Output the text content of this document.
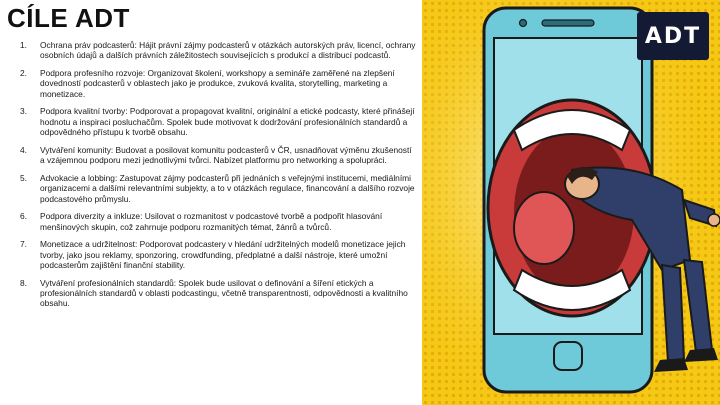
CÍLE ADT
1. Ochrana práv podcasterů: Hájit právní zájmy podcasterů v otázkách autorských práv, licencí, ochrany osobních údajů a dalších právních záležitostech souvisejících s produkcí a distribucí podcastů.
2. Podpora profesního rozvoje: Organizovat školení, workshopy a semináře zaměřené na zlepšení dovedností podcasterů v oblastech jako je produkce, zvuková kvalita, storytelling, marketing a monetizace.
3. Podpora kvalitní tvorby: Podporovat a propagovat kvalitní, originální a etické podcasty, které přinášejí hodnotu a inspiraci posluchačům. Spolek bude motivovat k dodržování profesionálních standardů a odpovědného přístupu k tvorbě obsahu.
4. Vytváření komunity: Budovat a posilovat komunitu podcasterů v ČR, usnadňovat výměnu zkušeností a vzájemnou podporu mezi jednotlivými tvůrci. Nabízet platformu pro networking a spolupráci.
5. Advokacie a lobbing: Zastupovat zájmy podcasterů při jednáních s veřejnými institucemi, mediálními organizacemi a dalšími relevantními subjekty, a to v otázkách regulace, financování a dalšího rozvoje podcastového průmyslu.
6. Podpora diverzity a inkluze: Usilovat o rozmanitost v podcastové tvorbě a podpořit hlasování menšinových skupin, což zahrnuje podporu rozmanitých témat, žánrů a tvůrců.
7. Monetizace a udržitelnost: Podporovat podcastery v hledání udržitelných modelů monetizace jejich tvorby, jako jsou reklamy, sponzoring, crowdfunding, předplatné a další nástroje, které umožní podcasterům zajištění finanční stability.
8. Vytváření profesionálních standardů: Spolek bude usilovat o definování a šíření etických a profesionálních standardů v oblasti podcastingu, včetně transparentnosti, odpovědnosti a kvalitního obsahu.
ADT
